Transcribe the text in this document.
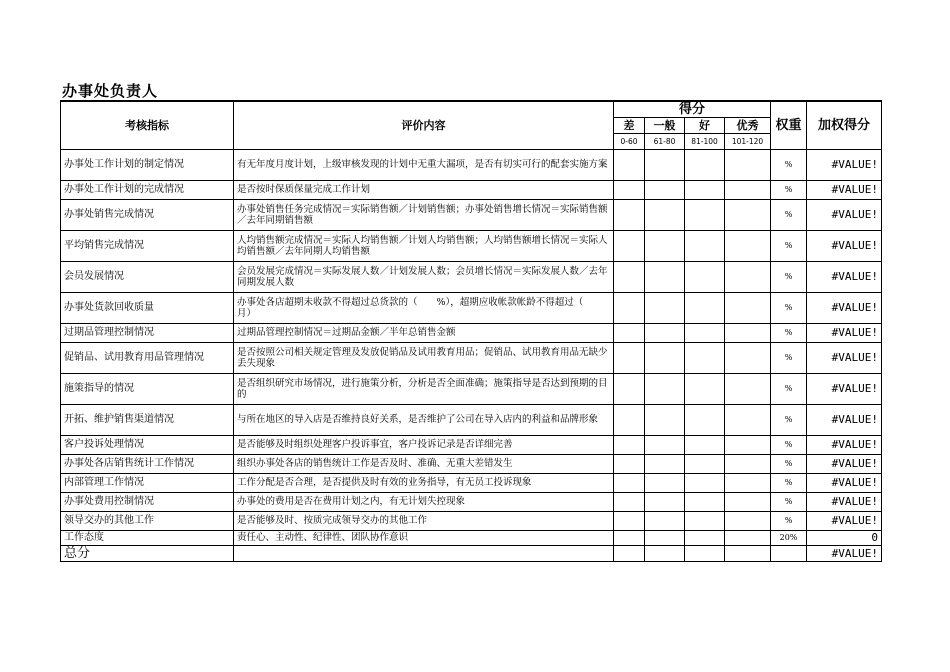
办事处负责人
考核指标	评价内容	得分				权重	加权得分
		差	一般	好	优秀		
		0-60	61-80	81-100	101-120		
办事处工作计划的制定情况	有无年度月度计划，上级审核发现的计划中无重大漏项，是否有切实可行的配套实施方案					%	#VALUE!
办事处工作计划的完成情况	是否按时保质保量完成工作计划					%	#VALUE!
办事处销售完成情况	办事处销售任务完成情况＝实际销售额／计划销售额；办事处销售增长情况＝实际销售额／去年同期销售额					%	#VALUE!
平均销售完成情况	人均销售额完成情况＝实际人均销售额／计划人均销售额；人均销售额增长情况＝实际人均销售额／去年同期人均销售额					%	#VALUE!
会员发展情况	会员发展完成情况＝实际发展人数／计划发展人数；会员增长情况＝实际发展人数／去年同期发展人数					%	#VALUE!
办事处货款回收质量	办事处各店超期未收款不得超过总货款的（　　%），超期应收帐款帐龄不得超过（　　月）					%	#VALUE!
过期品管理控制情况	过期品管理控制情况＝过期品金额／半年总销售金额					%	#VALUE!
促销品、试用教育用品管理情况	是否按照公司相关规定管理及发放促销品及试用教育用品；促销品、试用教育用品无缺少丢失现象					%	#VALUE!
施策指导的情况	是否组织研究市场情况，进行施策分析，分析是否全面准确；施策指导是否达到预期的目的					%	#VALUE!
开拓、维护销售渠道情况	与所在地区的导入店是否维持良好关系，是否维护了公司在导入店内的利益和品牌形象					%	#VALUE!
客户投诉处理情况	是否能够及时组织处理客户投诉事宜，客户投诉记录是否详细完善					%	#VALUE!
办事处各店销售统计工作情况	组织办事处各店的销售统计工作是否及时、准确、无重大差错发生					%	#VALUE!
内部管理工作情况	工作分配是否合理，是否提供及时有效的业务指导，有无员工投诉现象					%	#VALUE!
办事处费用控制情况	办事处的费用是否在费用计划之内，有无计划失控现象					%	#VALUE!
领导交办的其他工作	是否能够及时、按质完成领导交办的其他工作					%	#VALUE!
工作态度	责任心、主动性、纪律性、团队协作意识					20%	0
总分							#VALUE!
